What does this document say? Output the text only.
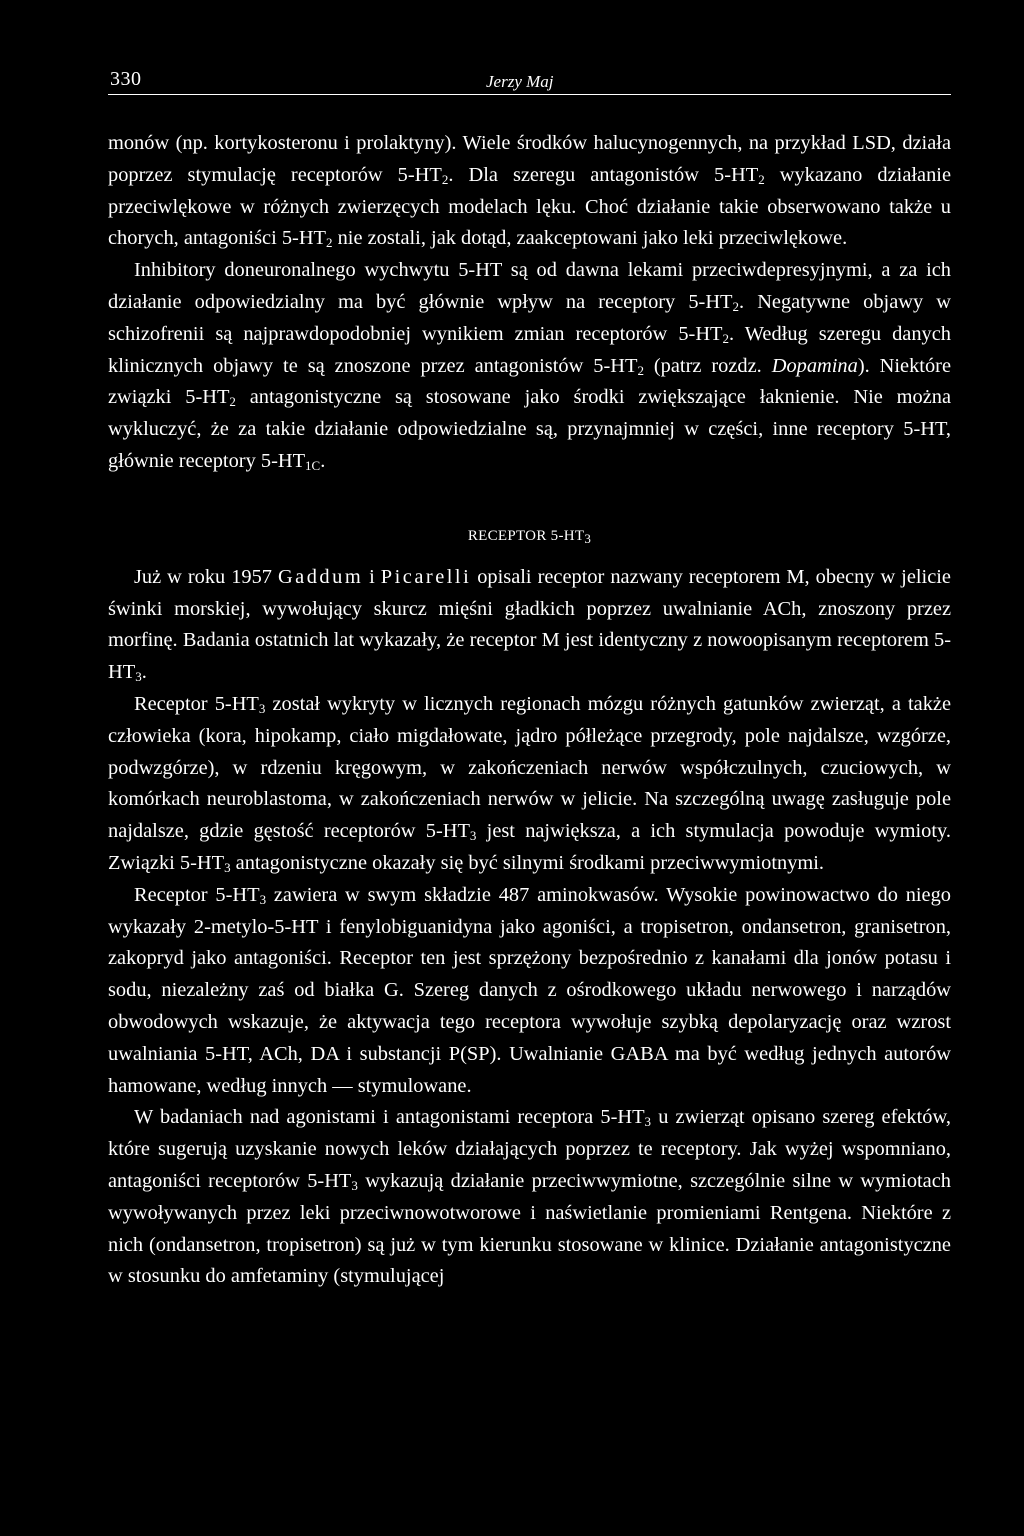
330	Jerzy Maj

monów (np. kortykosteronu i prolaktyny). Wiele środków halucynogennych, na przykład LSD, działa poprzez stymulację receptorów $5-HT_2$. Dla szeregu antagonistów $5-HT_2$ wykazano działanie przeciwlękowe w różnych zwierzęcych modelach lęku. Choć działanie takie obserwowano także u chorych, antagoniści $5-HT_2$ nie zostali, jak dotąd, zaakceptowani jako leki przeciwlękowe.

Inhibitory doneuronalnego wychwytu 5-HT są od dawna lekami przeciwdepresyjnymi, a za ich działanie odpowiedzialny ma być głównie wpływ na receptory $5-HT_2$. Negatywne objawy w schizofrenii są najprawdopodobniej wynikiem zmian receptorów $5-HT_2$. Według szeregu danych klinicznych objawy te są znoszone przez antagonistów $5-HT_2$ (patrz rozdz. Dopamina). Niektóre związki $5-HT_2$ antagonistyczne są stosowane jako środki zwiększające łaknienie. Nie można wykluczyć, że za takie działanie odpowiedzialne są, przynajmniej w części, inne receptory 5-HT, głównie receptory $5-HT_{1C}$.

RECEPTOR $5-HT_3$

Już w roku 1957 Gaddum i Picarelli opisali receptor nazwany receptorem M, obecny w jelicie świnki morskiej, wywołujący skurcz mięśni gładkich poprzez uwalnianie ACh, znoszony przez morfinę. Badania ostatnich lat wykazały, że receptor M jest identyczny z nowoopisanym receptorem $5-HT_3$.

Receptor $5-HT_3$ został wykryty w licznych regionach mózgu różnych gatunków zwierząt, a także człowieka (kora, hipokamp, ciało migdałowate, jądro półleżące przegrody, pole najdalsze, wzgórze, podwzgórze), w rdzeniu kręgowym, w zakończeniach nerwów współczulnych, czuciowych, w komórkach neuroblastoma, w zakończeniach nerwów w jelicie. Na szczególną uwagę zasługuje pole najdalsze, gdzie gęstość receptorów $5-HT_3$ jest największa, a ich stymulacja powoduje wymioty. Związki $5-HT_3$ antagonistyczne okazały się być silnymi środkami przeciwwymiotnymi.

Receptor $5-HT_3$ zawiera w swym składzie 487 aminokwasów. Wysokie powinowactwo do niego wykazały 2-metylo-5-HT i fenylobiguanidyna jako agoniści, a tropisetron, ondansetron, granisetron, zakopryd jako antagoniści. Receptor ten jest sprzężony bezpośrednio z kanałami dla jonów potasu i sodu, niezależny zaś od białka G. Szereg danych z ośrodkowego układu nerwowego i narządów obwodowych wskazuje, że aktywacja tego receptora wywołuje szybką depolaryzację oraz wzrost uwalniania 5-HT, ACh, DA i substancji P(SP). Uwalnianie GABA ma być według jednych autorów hamowane, według innych — stymulowane.

W badaniach nad agonistami i antagonistami receptora $5-HT_3$ u zwierząt opisano szereg efektów, które sugerują uzyskanie nowych leków działających poprzez te receptory. Jak wyżej wspomniano, antagoniści receptorów $5-HT_3$ wykazują działanie przeciwwymiotne, szczególnie silne w wymiotach wywoływanych przez leki przeciwnowotworowe i naświetlanie promieniami Rentgena. Niektóre z nich (ondansetron, tropisetron) są już w tym kierunku stosowane w klinice. Działanie antagonistyczne w stosunku do amfetaminy (stymulującej
